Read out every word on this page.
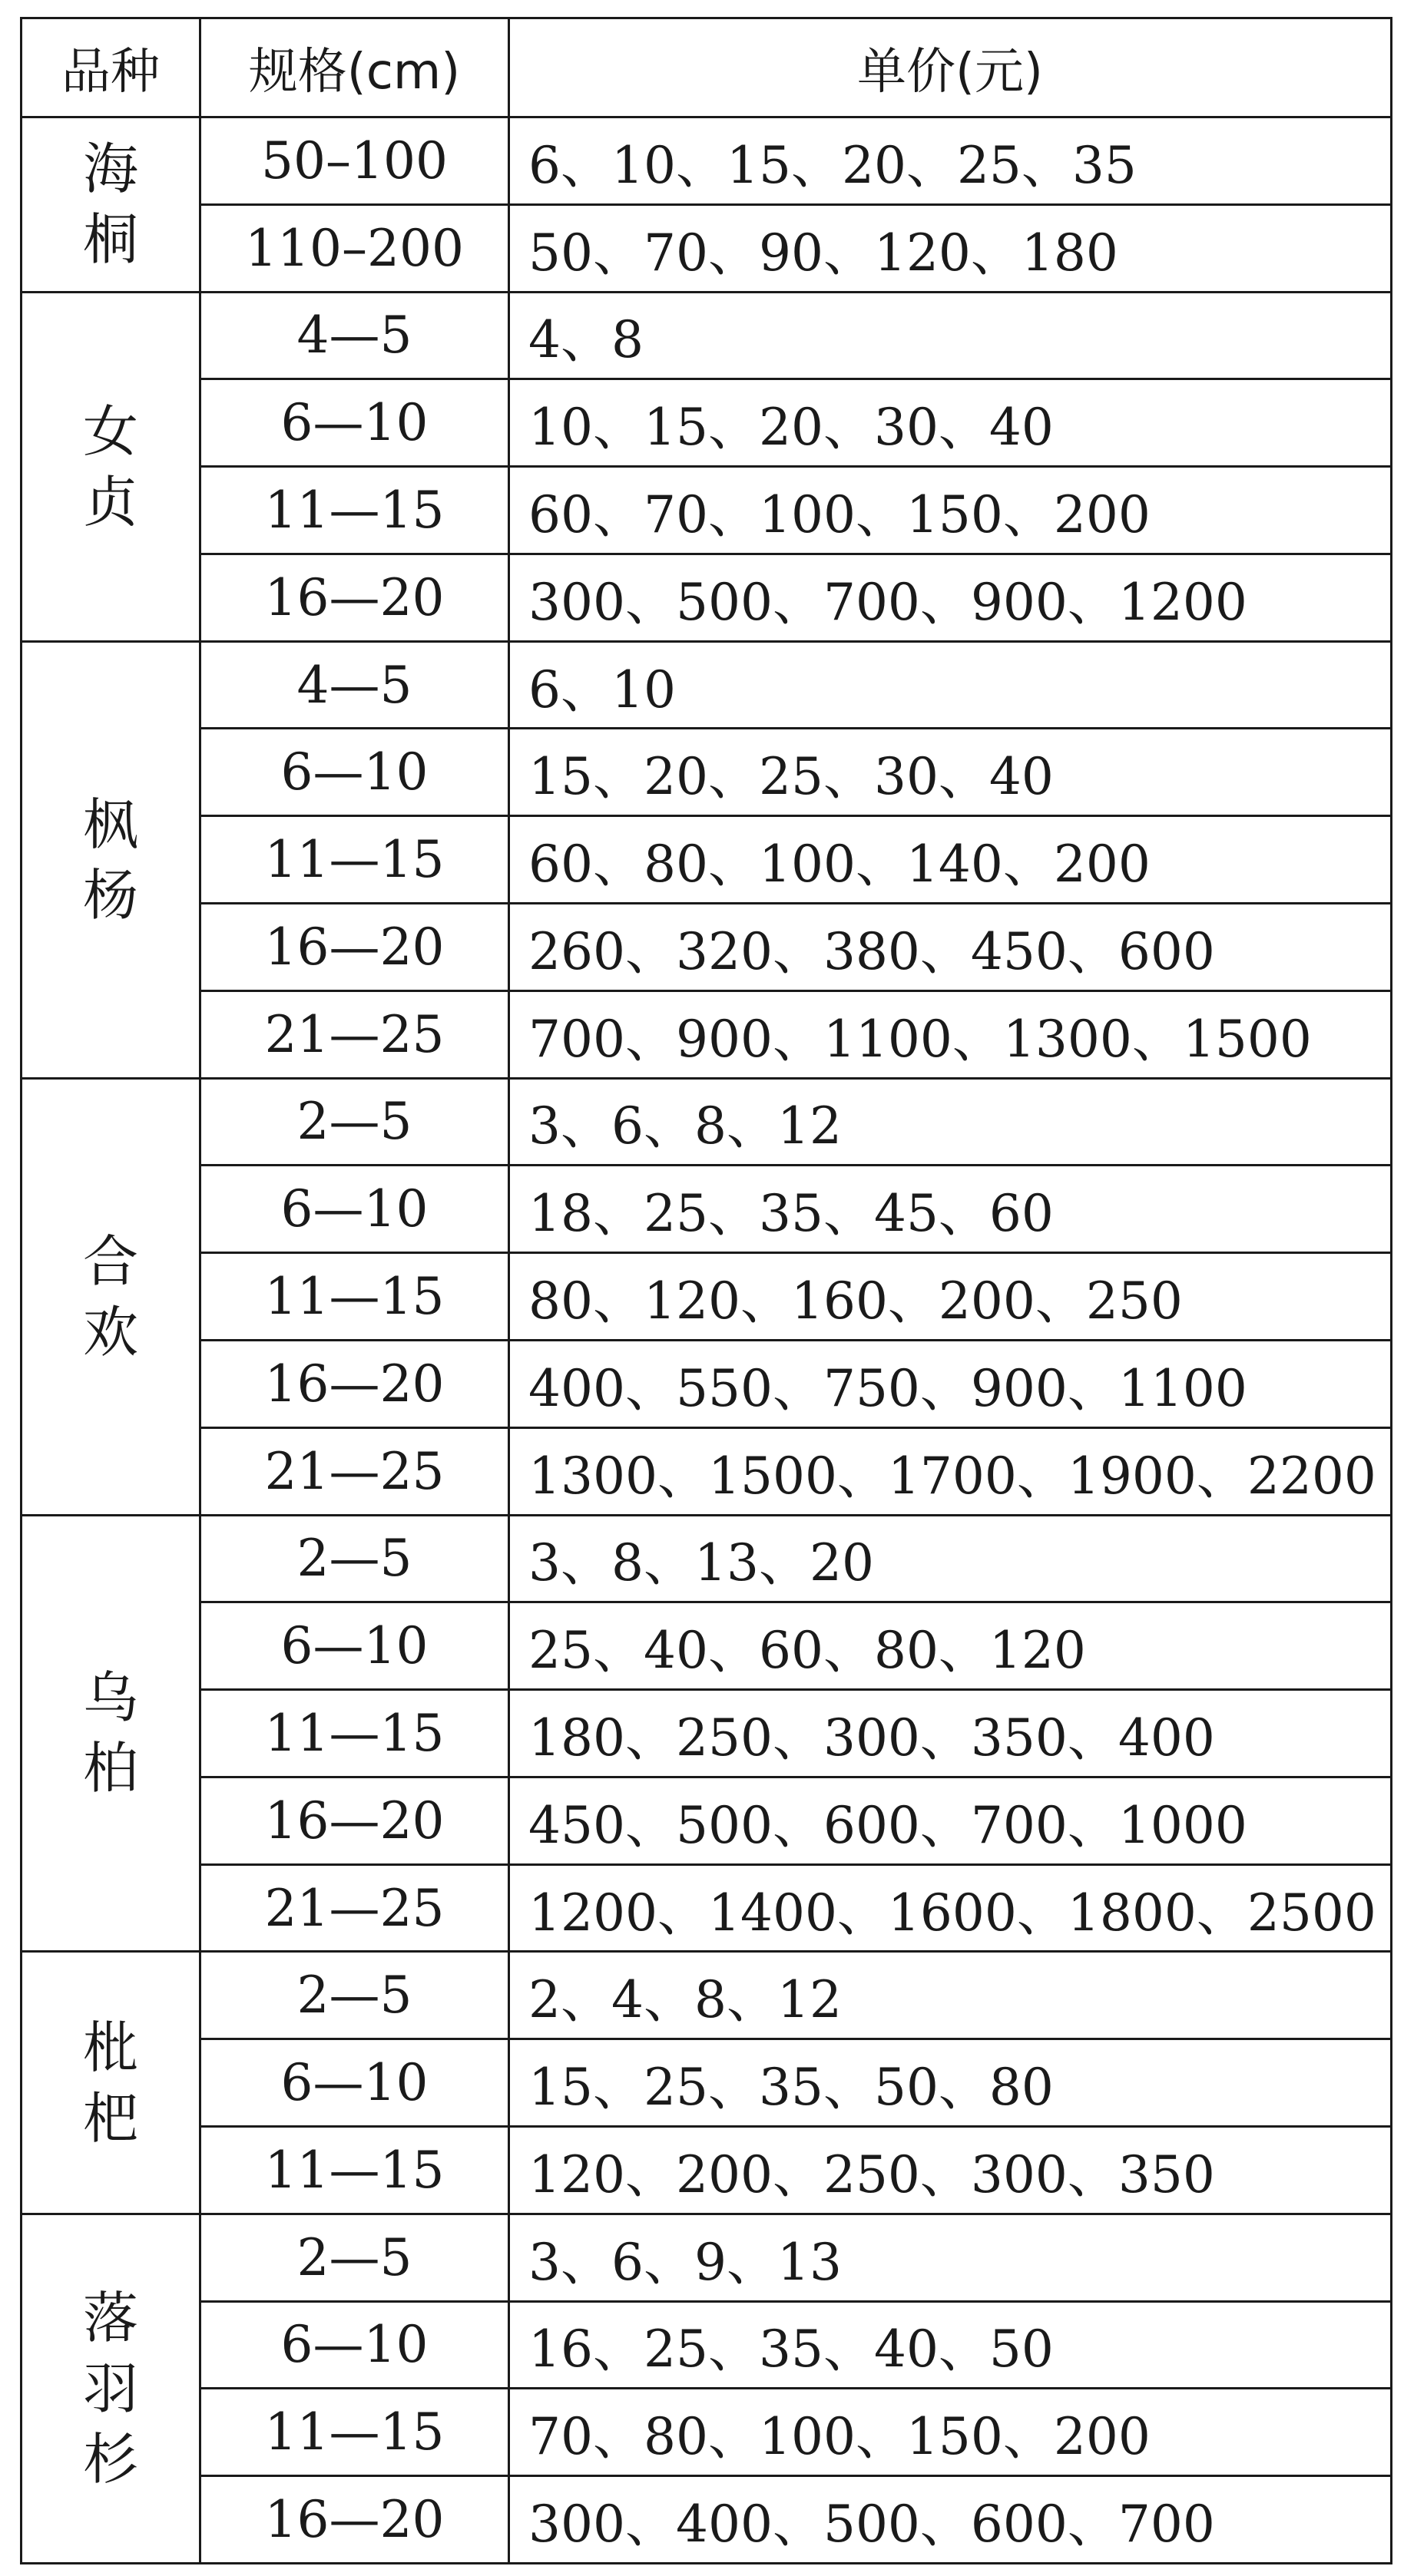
品种	规格(cm)	单价(元)
海桐	50–100	6、10、15、20、25、35
	110–200	50、70、90、120、180
女贞	4—5	4、8
	6—10	10、15、20、30、40
	11—15	60、70、100、150、200
	16—20	300、500、700、900、1200
枫杨	4—5	6、10
	6—10	15、20、25、30、40
	11—15	60、80、100、140、200
	16—20	260、320、380、450、600
	21—25	700、900、1100、1300、1500
合欢	2—5	3、6、8、12
	6—10	18、25、35、45、60
	11—15	80、120、160、200、250
	16—20	400、550、750、900、1100
	21—25	1300、1500、1700、1900、2200
乌柏	2—5	3、8、13、20
	6—10	25、40、60、80、120
	11—15	180、250、300、350、400
	16—20	450、500、600、700、1000
	21—25	1200、1400、1600、1800、2500
枇杷	2—5	2、4、8、12
	6—10	15、25、35、50、80
	11—15	120、200、250、300、350
落羽杉	2—5	3、6、9、13
	6—10	16、25、35、40、50
	11—15	70、80、100、150、200
	16—20	300、400、500、600、700
